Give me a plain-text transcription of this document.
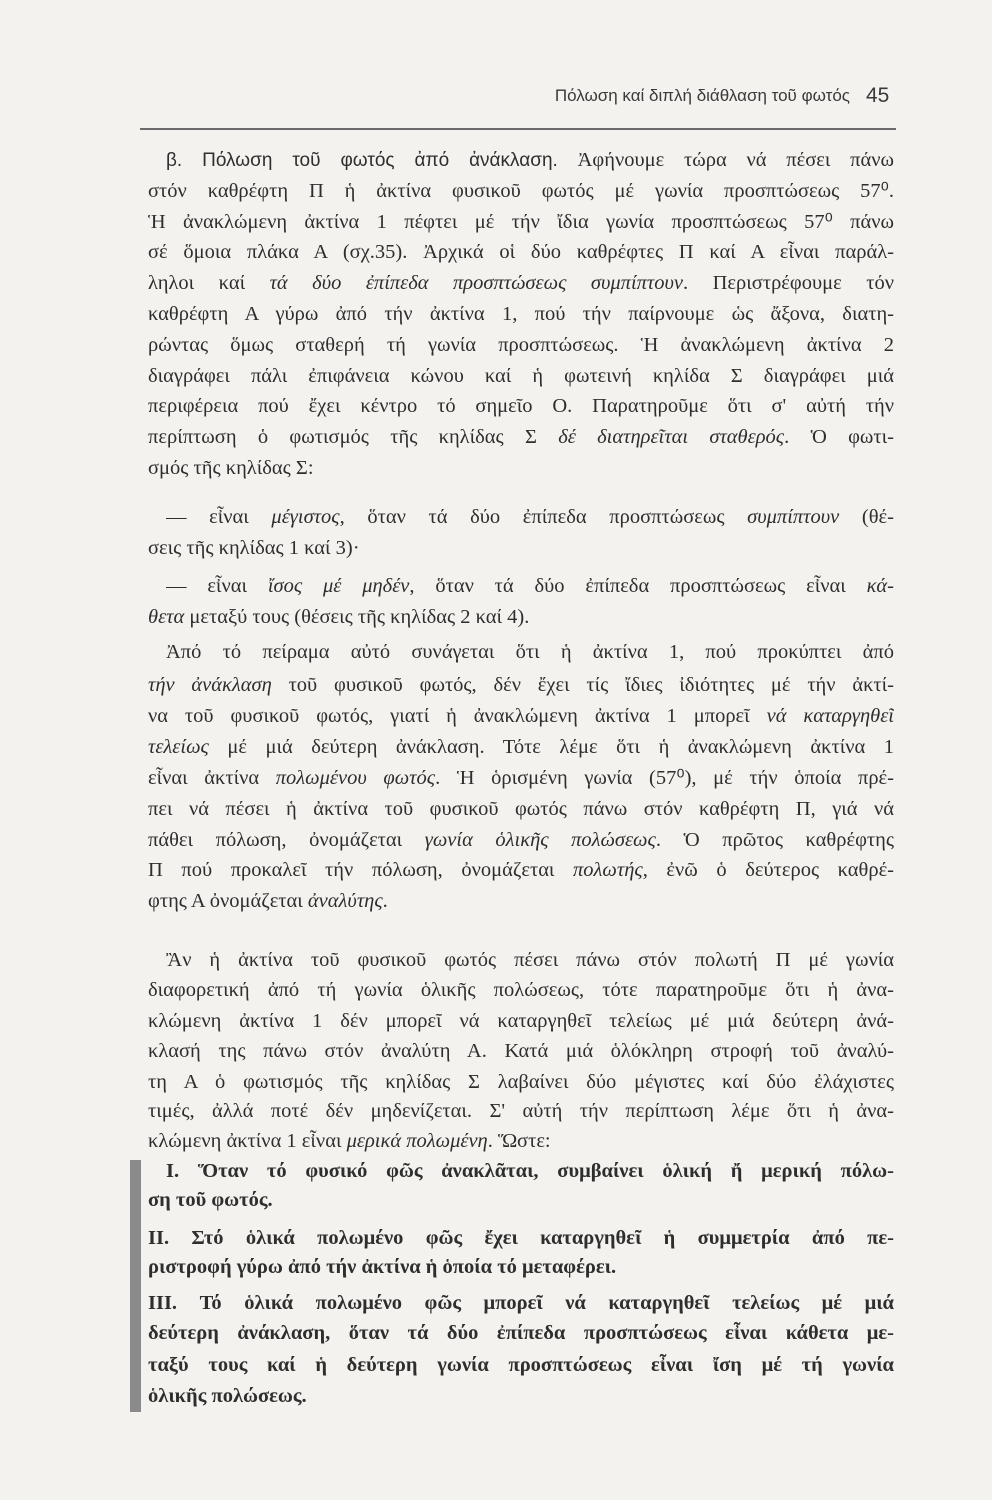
Πόλωση καί διπλή διάθλαση τοῦ φωτός 45
β. Πόλωση τοῦ φωτός ἀπό ἀνάκλαση. Ἀφήνουμε τώρα νά πέσει πάνω
στόν καθρέφτη Π ἡ ἀκτίνα φυσικοῦ φωτός μέ γωνία προσπτώσεως 57⁰.
Ἡ ἀνακλώμενη ἀκτίνα 1 πέφτει μέ τήν ἴδια γωνία προσπτώσεως 57⁰ πάνω
σέ ὅμοια πλάκα Α (σχ.35). Ἀρχικά οἱ δύο καθρέφτες Π καί Α εἶναι παράλ-
ληλοι καί τά δύο ἐπίπεδα προσπτώσεως συμπίπτουν. Περιστρέφουμε τόν
καθρέφτη Α γύρω ἀπό τήν ἀκτίνα 1, πού τήν παίρνουμε ὡς ἄξονα, διατη-
ρώντας ὅμως σταθερή τή γωνία προσπτώσεως. Ἡ ἀνακλώμενη ἀκτίνα 2
διαγράφει πάλι ἐπιφάνεια κώνου καί ἡ φωτεινή κηλίδα Σ διαγράφει μιά
περιφέρεια πού ἔχει κέντρο τό σημεῖο Ο. Παρατηροῦμε ὅτι σ' αὐτή τήν
περίπτωση ὁ φωτισμός τῆς κηλίδας Σ δέ διατηρεῖται σταθερός. Ὁ φωτι-
σμός τῆς κηλίδας Σ:
— εἶναι μέγιστος, ὅταν τά δύο ἐπίπεδα προσπτώσεως συμπίπτουν (θέ-
σεις τῆς κηλίδας 1 καί 3)·
— εἶναι ἴσος μέ μηδέν, ὅταν τά δύο ἐπίπεδα προσπτώσεως εἶναι κά-
θετα μεταξύ τους (θέσεις τῆς κηλίδας 2 καί 4).
Ἀπό τό πείραμα αὐτό συνάγεται ὅτι ἡ ἀκτίνα 1, πού προκύπτει ἀπό
τήν ἀνάκλαση τοῦ φυσικοῦ φωτός, δέν ἔχει τίς ἴδιες ἰδιότητες μέ τήν ἀκτί-
να τοῦ φυσικοῦ φωτός, γιατί ἡ ἀνακλώμενη ἀκτίνα 1 μπορεῖ νά καταργηθεῖ
τελείως μέ μιά δεύτερη ἀνάκλαση. Τότε λέμε ὅτι ἡ ἀνακλώμενη ἀκτίνα 1
εἶναι ἀκτίνα πολωμένου φωτός. Ἡ ὁρισμένη γωνία (57⁰), μέ τήν ὁποία πρέ-
πει νά πέσει ἡ ἀκτίνα τοῦ φυσικοῦ φωτός πάνω στόν καθρέφτη Π, γιά νά
πάθει πόλωση, ὀνομάζεται γωνία ὁλικῆς πολώσεως. Ὁ πρῶτος καθρέφτης
Π πού προκαλεῖ τήν πόλωση, ὀνομάζεται πολωτής, ἐνῶ ὁ δεύτερος καθρέ-
φτης Α ὀνομάζεται ἀναλύτης.
Ἂν ἡ ἀκτίνα τοῦ φυσικοῦ φωτός πέσει πάνω στόν πολωτή Π μέ γωνία
διαφορετική ἀπό τή γωνία ὁλικῆς πολώσεως, τότε παρατηροῦμε ὅτι ἡ ἀνα-
κλώμενη ἀκτίνα 1 δέν μπορεῖ νά καταργηθεῖ τελείως μέ μιά δεύτερη ἀνά-
κλασή της πάνω στόν ἀναλύτη Α. Κατά μιά ὁλόκληρη στροφή τοῦ ἀναλύ-
τη Α ὁ φωτισμός τῆς κηλίδας Σ λαβαίνει δύο μέγιστες καί δύο ἐλάχιστες
τιμές, ἀλλά ποτέ δέν μηδενίζεται. Σ' αὐτή τήν περίπτωση λέμε ὅτι ἡ ἀνα-
κλώμενη ἀκτίνα 1 εἶναι μερικά πολωμένη. Ὥστε:
I. Ὅταν τό φυσικό φῶς ἀνακλᾶται, συμβαίνει ὁλική ἤ μερική πόλω-
ση τοῦ φωτός.
II. Στό ὁλικά πολωμένο φῶς ἔχει καταργηθεῖ ἡ συμμετρία ἀπό πε-
ριστροφή γύρω ἀπό τήν ἀκτίνα ἡ ὁποία τό μεταφέρει.
III. Τό ὁλικά πολωμένο φῶς μπορεῖ νά καταργηθεῖ τελείως μέ μιά
δεύτερη ἀνάκλαση, ὅταν τά δύο ἐπίπεδα προσπτώσεως εἶναι κάθετα με-
ταξύ τους καί ἡ δεύτερη γωνία προσπτώσεως εἶναι ἴση μέ τή γωνία
ὁλικῆς πολώσεως.
